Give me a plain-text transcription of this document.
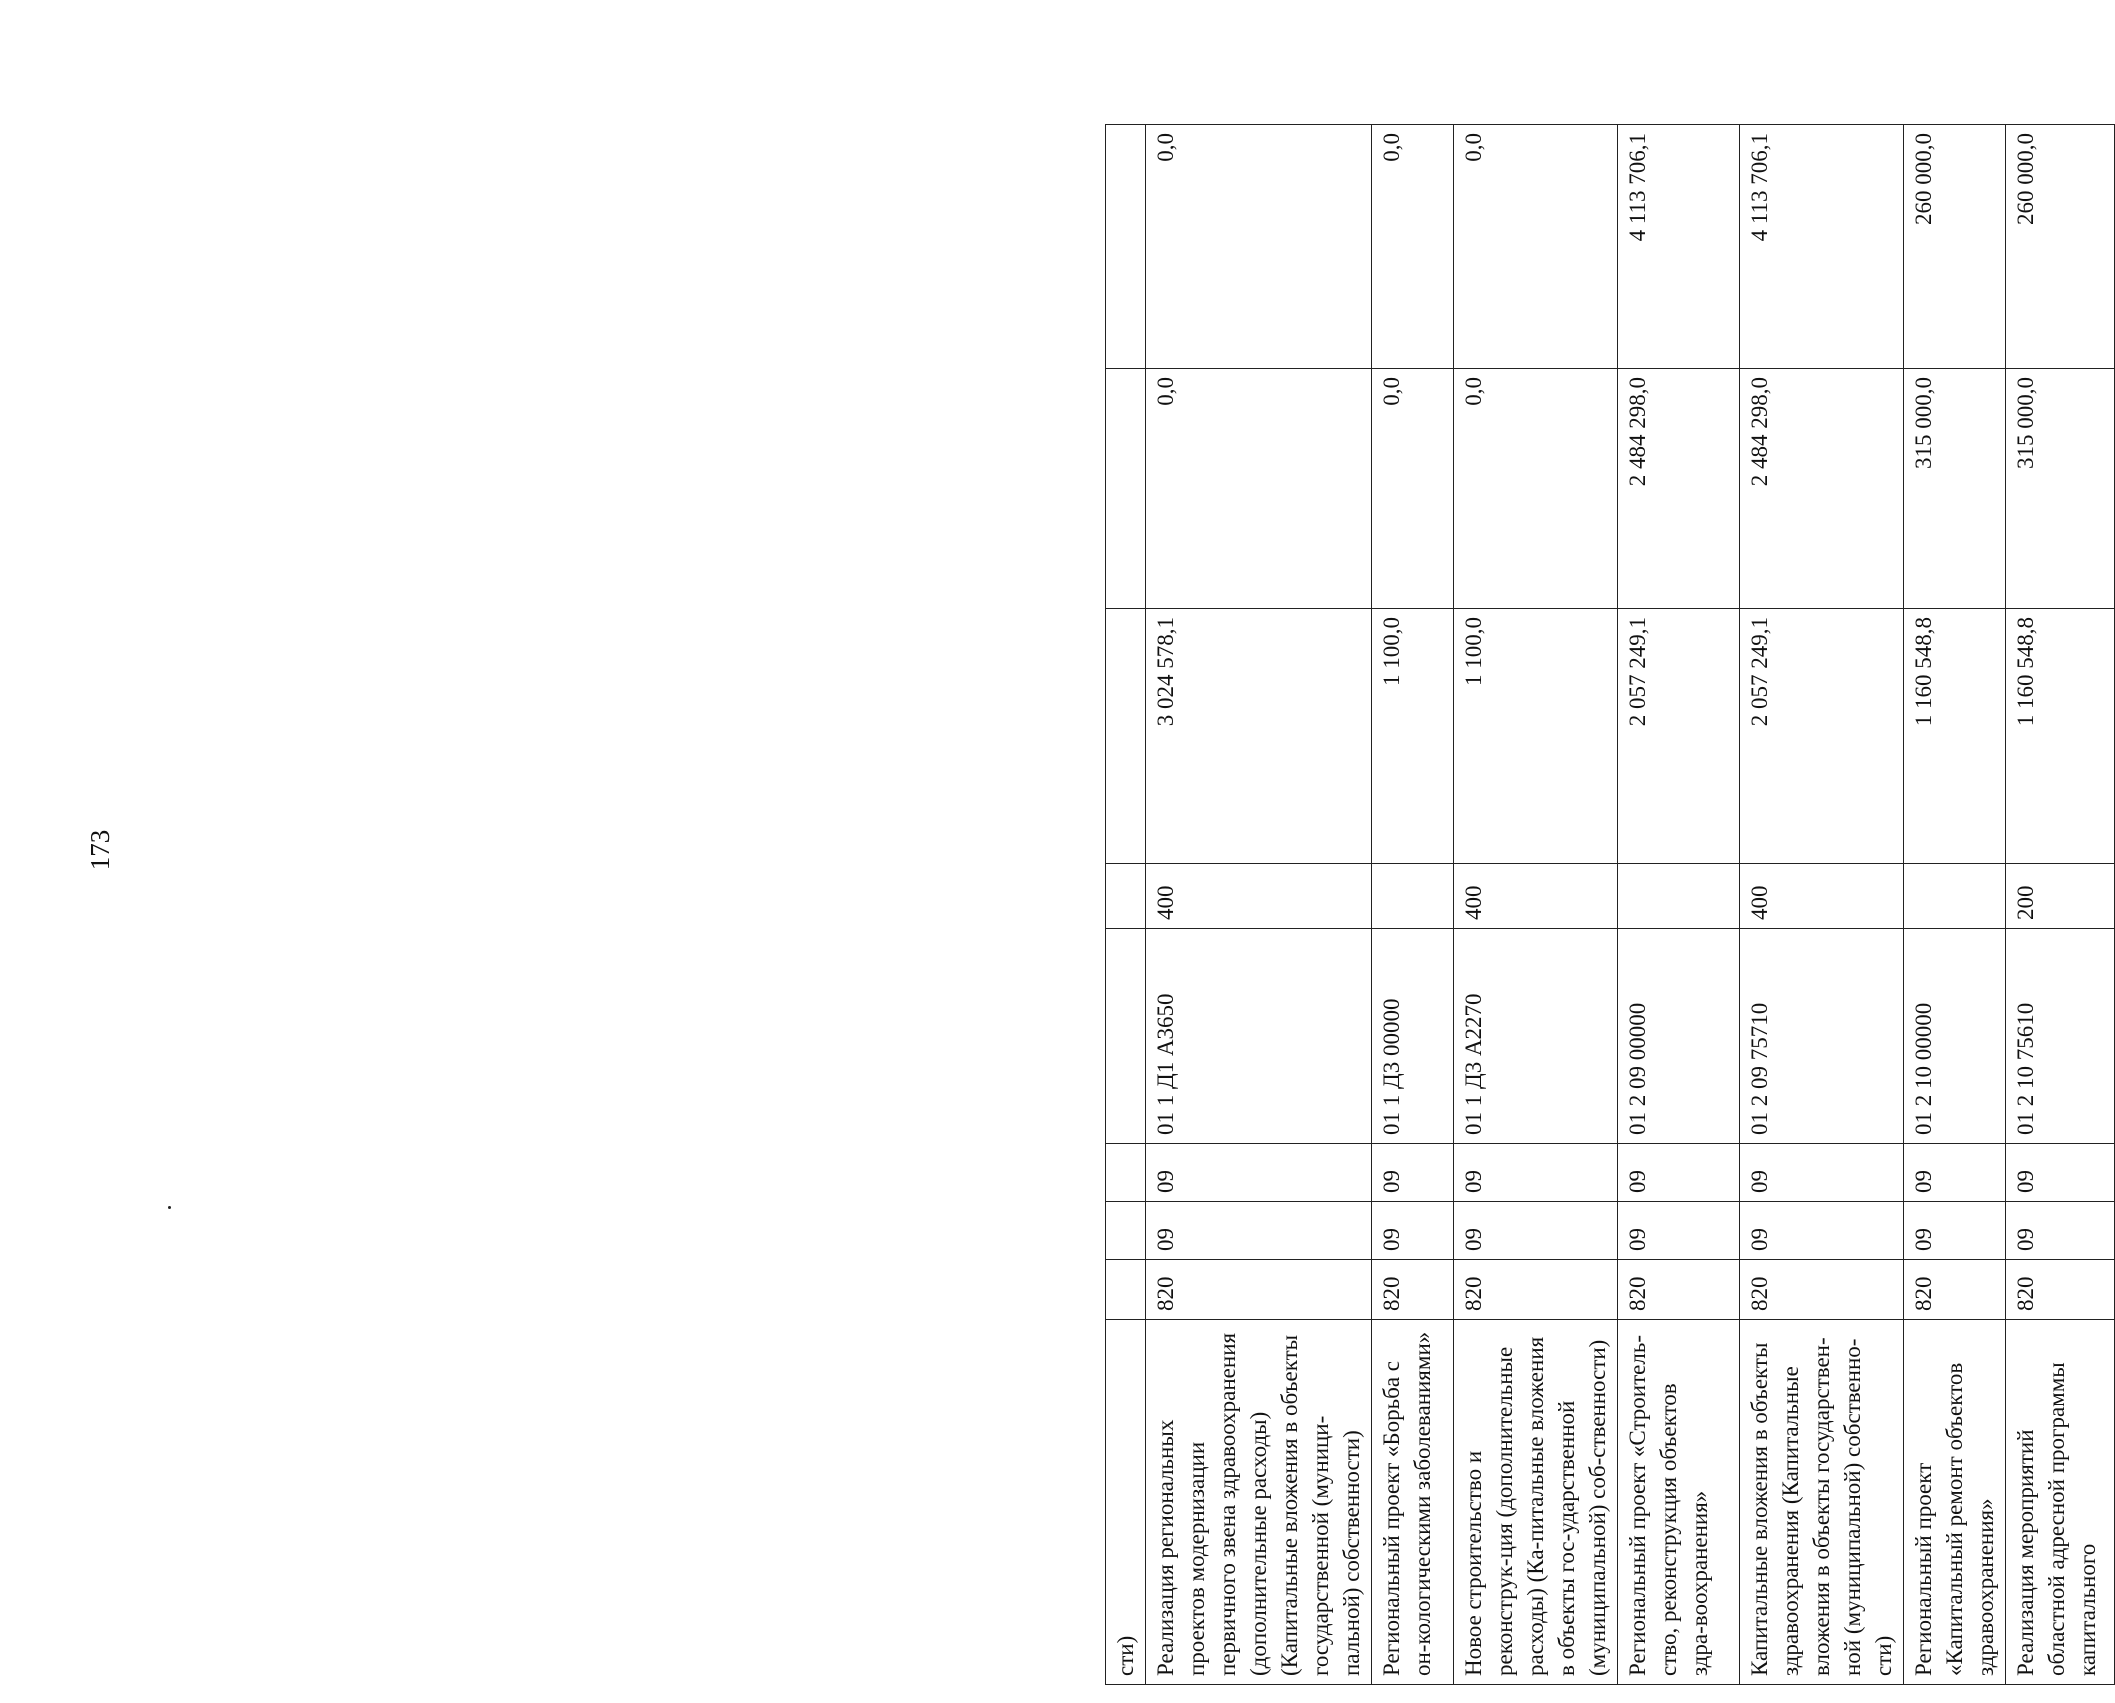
173
сти)								
Реализация региональных проектов модернизации первичного звена здравоохранения (дополнительные расходы) (Капитальные вложения в объекты государственной (муници-пальной) собственности)	820	09	09	01 1 Д1 А3650	400	3 024 578,1	0,0	0,0
Региональный проект «Борьба с он-кологическими заболеваниями»	820	09	09	01 1 Д3 00000		1 100,0	0,0	0,0
Новое строительство и реконструк-ция (дополнительные расходы) (Ка-питальные вложения в объекты гос-ударственной (муниципальной) соб-ственности)	820	09	09	01 1 Д3 А2270	400	1 100,0	0,0	0,0
Региональный проект «Строитель-ство, реконструкция объектов здра-воохранения»	820	09	09	01 2 09 00000		2 057 249,1	2 484 298,0	4 113 706,1
Капитальные вложения в объекты здравоохранения (Капитальные вложения в объекты государствен-ной (муниципальной) собственно-сти)	820	09	09	01 2 09 75710	400	2 057 249,1	2 484 298,0	4 113 706,1
Региональный проект «Капитальный ремонт объектов здравоохранения»	820	09	09	01 2 10 00000		1 160 548,8	315 000,0	260 000,0
Реализация мероприятий областной адресной программы капитального	820	09	09	01 2 10 75610	200	1 160 548,8	315 000,0	260 000,0
